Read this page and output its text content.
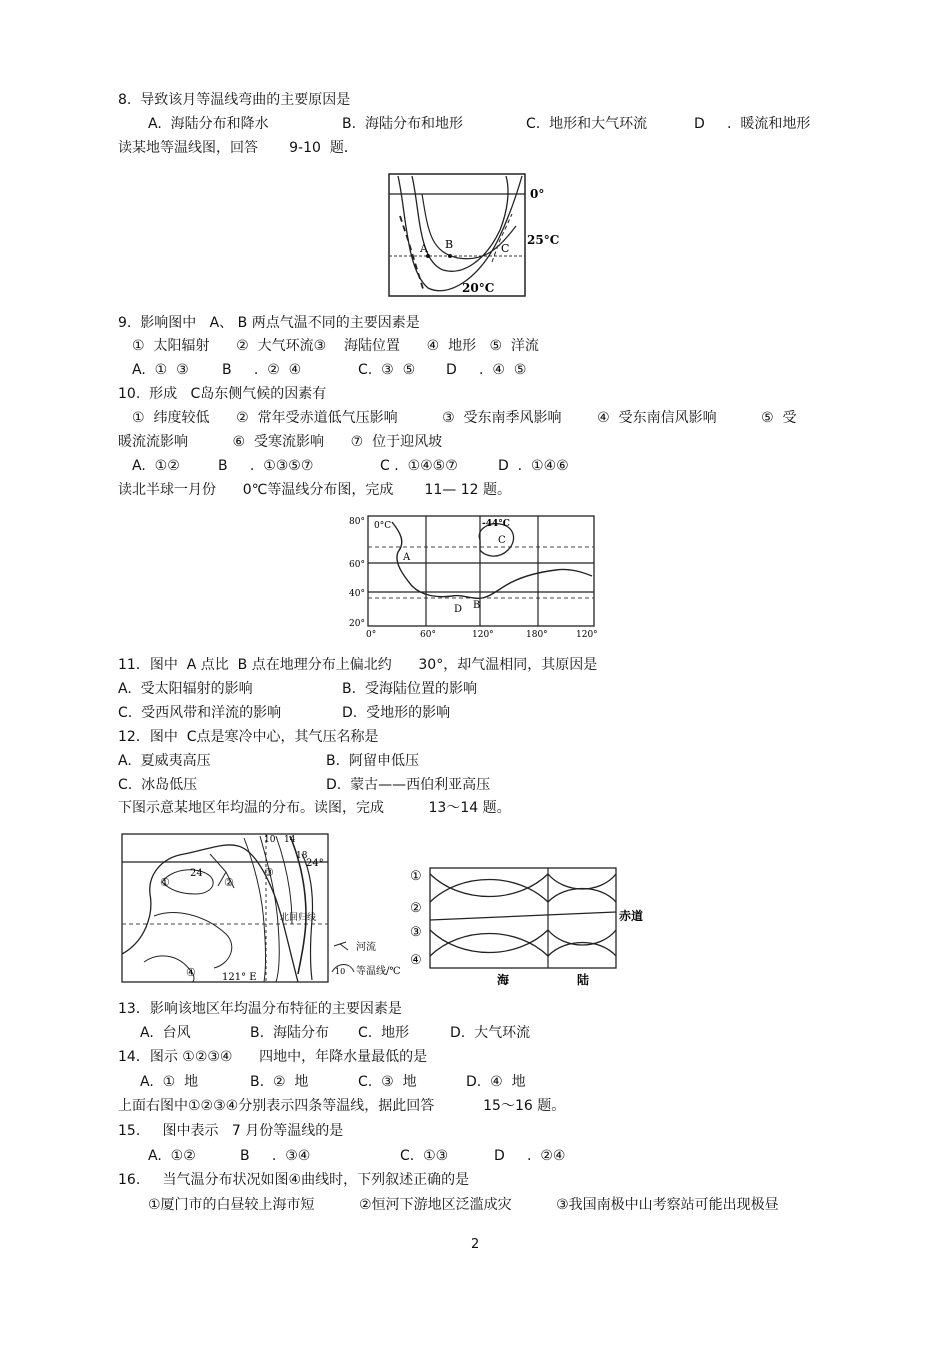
8.  导致该月等温线弯曲的主要原因是
A.  海陆分布和降水	B.  海陆分布和地形	C.  地形和大气环流	D     .  暖流和地形
读某地等温线图，回答       9-10  题．
A B	C
0°
25°C
20°C
9.  影响图中   A、 B 两点气温不同的主要因素是
①  太阳辐射      ②  大气环流③    海陆位置      ④  地形   ⑤  洋流
A.  ①  ③ B     .  ②  ④	C.  ③  ⑤ D     .  ④  ⑤
10.  形成   C岛东侧气候的因素有
①  纬度较低      ②  常年受赤道低气压影响          ③  受东南季风影响        ④  受东南信风影响          ⑤  受
暖流流影响          ⑥  受寒流影响      ⑦  位于迎风坡
A.  ①②	B     .  ①③⑤⑦	C .  ①④⑤⑦	D  .  ①④⑥
读北半球一月份      0℃等温线分布图，完成       11— 12 题。
80°
60°
40°
20°
0°	60°	120°	180°	120°
0°C	-44°C
A
B
C
D
11．图中  A 点比  B 点在地理分布上偏北约      30°，却气温相同，其原因是
A.  受太阳辐射的影响	B.  受海陆位置的影响
C.  受西风带和洋流的影响	D.  受地形的影响
12．图中  C点是寒冷中心，其气压名称是
A.  夏威夷高压	B.  阿留申低压
C.  冰岛低压	D.  蒙古——西伯利亚高压
下图示意某地区年均温的分布。读图，完成          13～14 题。
24
24°
10 14
18
北回归线
121° E
①	②
③
④
河流
10 等温线/℃
①
②
③
④
赤道
海	陆
13．影响该地区年均温分布特征的主要因素是
A.  台风	B.  海陆分布 C.  地形	D.  大气环流
14．图示 ①②③④      四地中，年降水量最低的是
A.  ①  地	B.  ②  地	C.  ③  地	D.  ④  地
上面右图中①②③④分别表示四条等温线，据此回答           15～16 题。
15.     图中表示   7 月份等温线的是
A.  ①②	B     .  ③④	C.  ①③	D     .  ②④
16.     当气温分布状况如图④曲线时，下列叙述正确的是
①厦门市的白昼较上海市短          ②恒河下游地区泛滥成灾          ③我国南极中山考察站可能出现极昼
2
